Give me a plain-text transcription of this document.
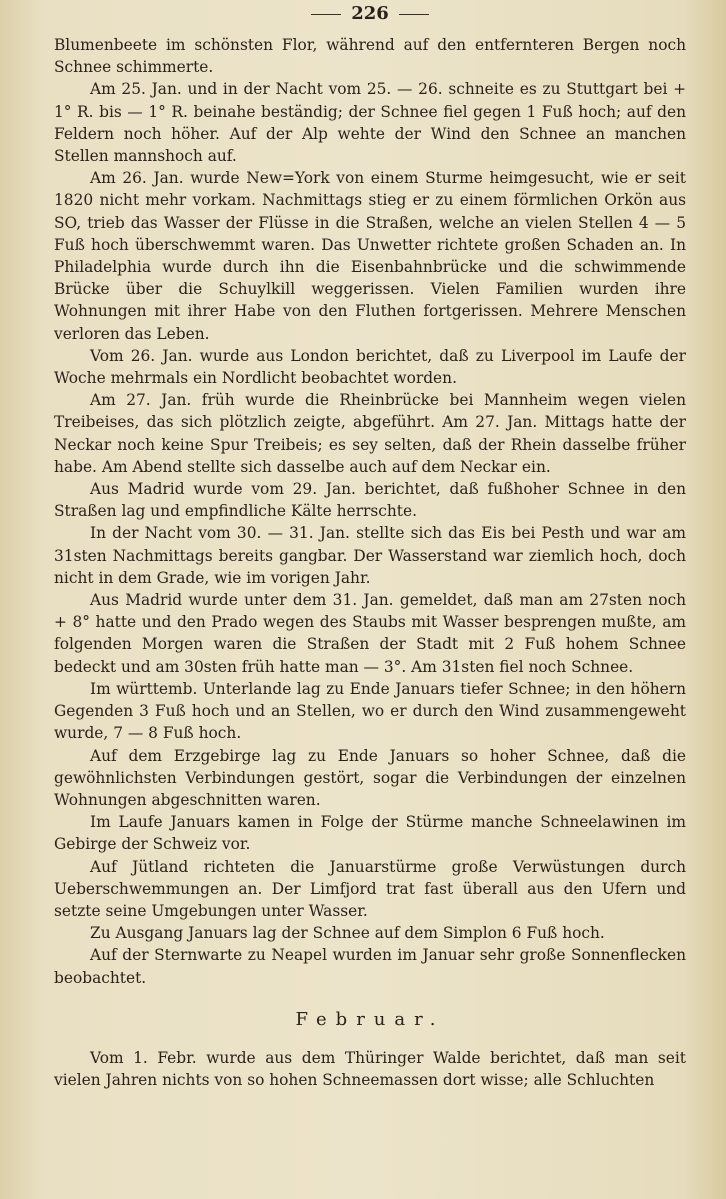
226

Blumenbeete im schönsten Flor, während auf den entfernteren Bergen noch Schnee schimmerte.

Am 25. Jan. und in der Nacht vom 25. — 26. schneite es zu Stuttgart bei + 1° R. bis — 1° R. beinahe beständig; der Schnee fiel gegen 1 Fuß hoch; auf den Feldern noch höher. Auf der Alp wehte der Wind den Schnee an manchen Stellen mannshoch auf.

Am 26. Jan. wurde New=York von einem Sturme heimgesucht, wie er seit 1820 nicht mehr vorkam. Nachmittags stieg er zu einem förmlichen Orkön aus SO, trieb das Wasser der Flüsse in die Straßen, welche an vielen Stellen 4 — 5 Fuß hoch überschwemmt waren. Das Unwetter richtete großen Schaden an. In Philadelphia wurde durch ihn die Eisenbahnbrücke und die schwimmende Brücke über die Schuylkill weggerissen. Vielen Familien wurden ihre Wohnungen mit ihrer Habe von den Fluthen fortgerissen. Mehrere Menschen verloren das Leben.

Vom 26. Jan. wurde aus London berichtet, daß zu Liverpool im Laufe der Woche mehrmals ein Nordlicht beobachtet worden.

Am 27. Jan. früh wurde die Rheinbrücke bei Mannheim wegen vielen Treibeises, das sich plötzlich zeigte, abgeführt. Am 27. Jan. Mittags hatte der Neckar noch keine Spur Treibeis; es sey selten, daß der Rhein dasselbe früher habe. Am Abend stellte sich dasselbe auch auf dem Neckar ein.

Aus Madrid wurde vom 29. Jan. berichtet, daß fußhoher Schnee in den Straßen lag und empfindliche Kälte herrschte.

In der Nacht vom 30. — 31. Jan. stellte sich das Eis bei Pesth und war am 31sten Nachmittags bereits gangbar. Der Wasserstand war ziemlich hoch, doch nicht in dem Grade, wie im vorigen Jahr.

Aus Madrid wurde unter dem 31. Jan. gemeldet, daß man am 27sten noch + 8° hatte und den Prado wegen des Staubs mit Wasser besprengen mußte, am folgenden Morgen waren die Straßen der Stadt mit 2 Fuß hohem Schnee bedeckt und am 30sten früh hatte man — 3°. Am 31sten fiel noch Schnee.

Im württemb. Unterlande lag zu Ende Januars tiefer Schnee; in den höhern Gegenden 3 Fuß hoch und an Stellen, wo er durch den Wind zusammengeweht wurde, 7 — 8 Fuß hoch.

Auf dem Erzgebirge lag zu Ende Januars so hoher Schnee, daß die gewöhnlichsten Verbindungen gestört, sogar die Verbindungen der einzelnen Wohnungen abgeschnitten waren.

Im Laufe Januars kamen in Folge der Stürme manche Schneelawinen im Gebirge der Schweiz vor.

Auf Jütland richteten die Januarstürme große Verwüstungen durch Ueberschwemmungen an. Der Limfjord trat fast überall aus den Ufern und setzte seine Umgebungen unter Wasser.

Zu Ausgang Januars lag der Schnee auf dem Simplon 6 Fuß hoch.

Auf der Sternwarte zu Neapel wurden im Januar sehr große Sonnenflecken beobachtet.

Februar.

Vom 1. Febr. wurde aus dem Thüringer Walde berichtet, daß man seit vielen Jahren nichts von so hohen Schneemassen dort wisse; alle Schluchten
